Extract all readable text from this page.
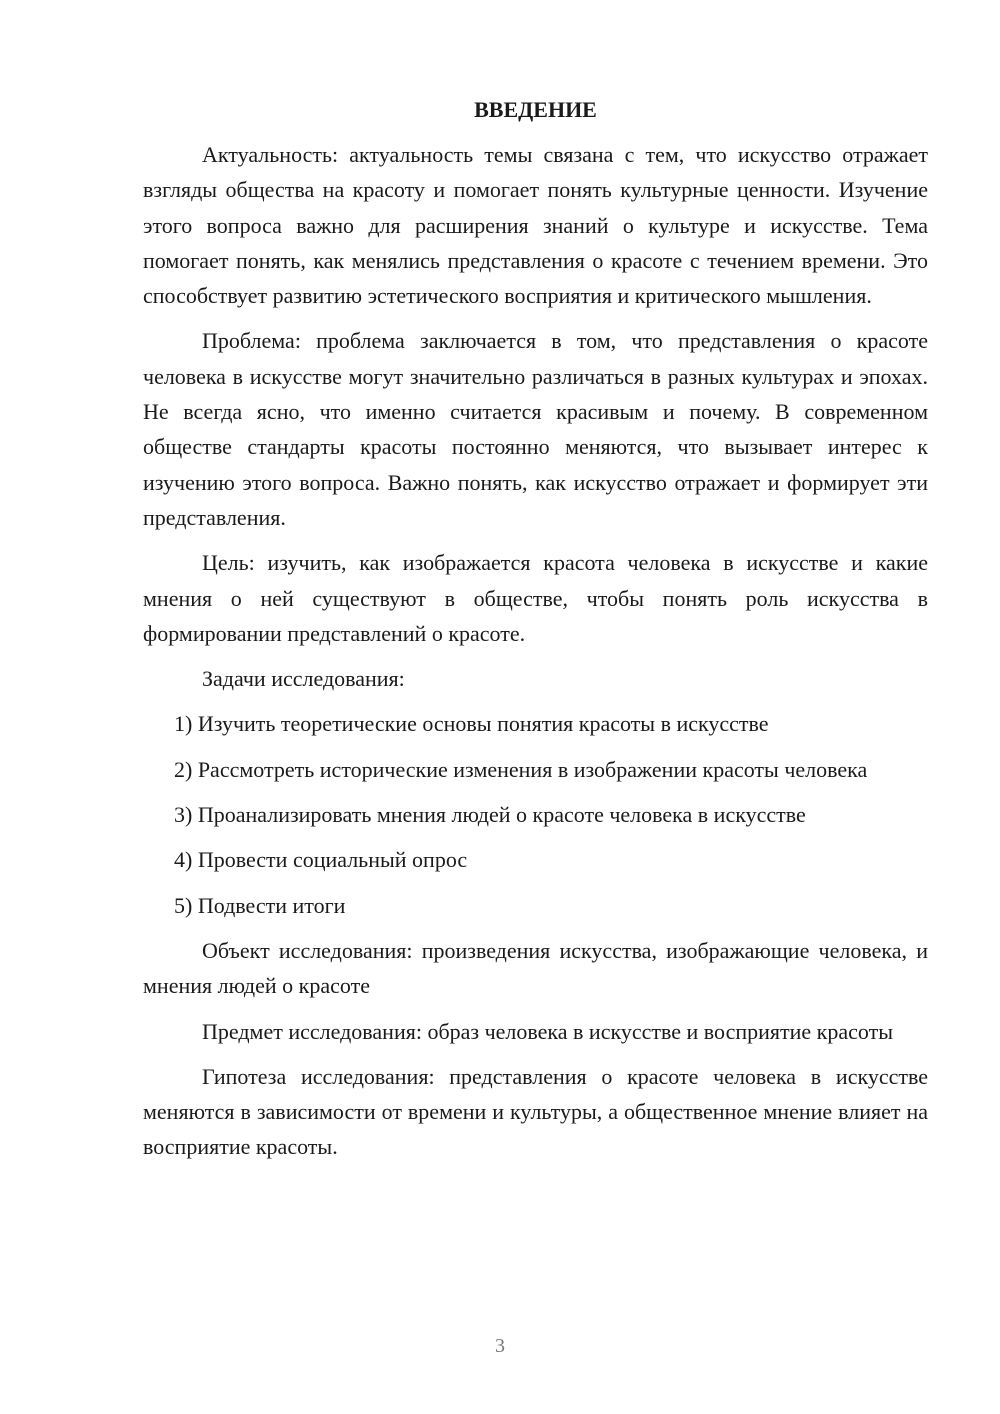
ВВЕДЕНИЕ

Актуальность: актуальность темы связана с тем, что искусство отражает взгляды общества на красоту и помогает понять культурные ценности. Изучение этого вопроса важно для расширения знаний о культуре и искусстве. Тема помогает понять, как менялись представления о красоте с течением времени. Это способствует развитию эстетического восприятия и критического мышления.

Проблема: проблема заключается в том, что представления о красоте человека в искусстве могут значительно различаться в разных культурах и эпохах. Не всегда ясно, что именно считается красивым и почему. В современном обществе стандарты красоты постоянно меняются, что вызывает интерес к изучению этого вопроса. Важно понять, как искусство отражает и формирует эти представления.

Цель: изучить, как изображается красота человека в искусстве и какие мнения о ней существуют в обществе, чтобы понять роль искусства в формировании представлений о красоте.

Задачи исследования:

1) Изучить теоретические основы понятия красоты в искусстве

2) Рассмотреть исторические изменения в изображении красоты человека

3) Проанализировать мнения людей о красоте человека в искусстве

4) Провести социальный опрос

5) Подвести итоги

Объект исследования: произведения искусства, изображающие человека, и мнения людей о красоте

Предмет исследования: образ человека в искусстве и восприятие красоты

Гипотеза исследования: представления о красоте человека в искусстве меняются в зависимости от времени и культуры, а общественное мнение влияет на восприятие красоты.

3
